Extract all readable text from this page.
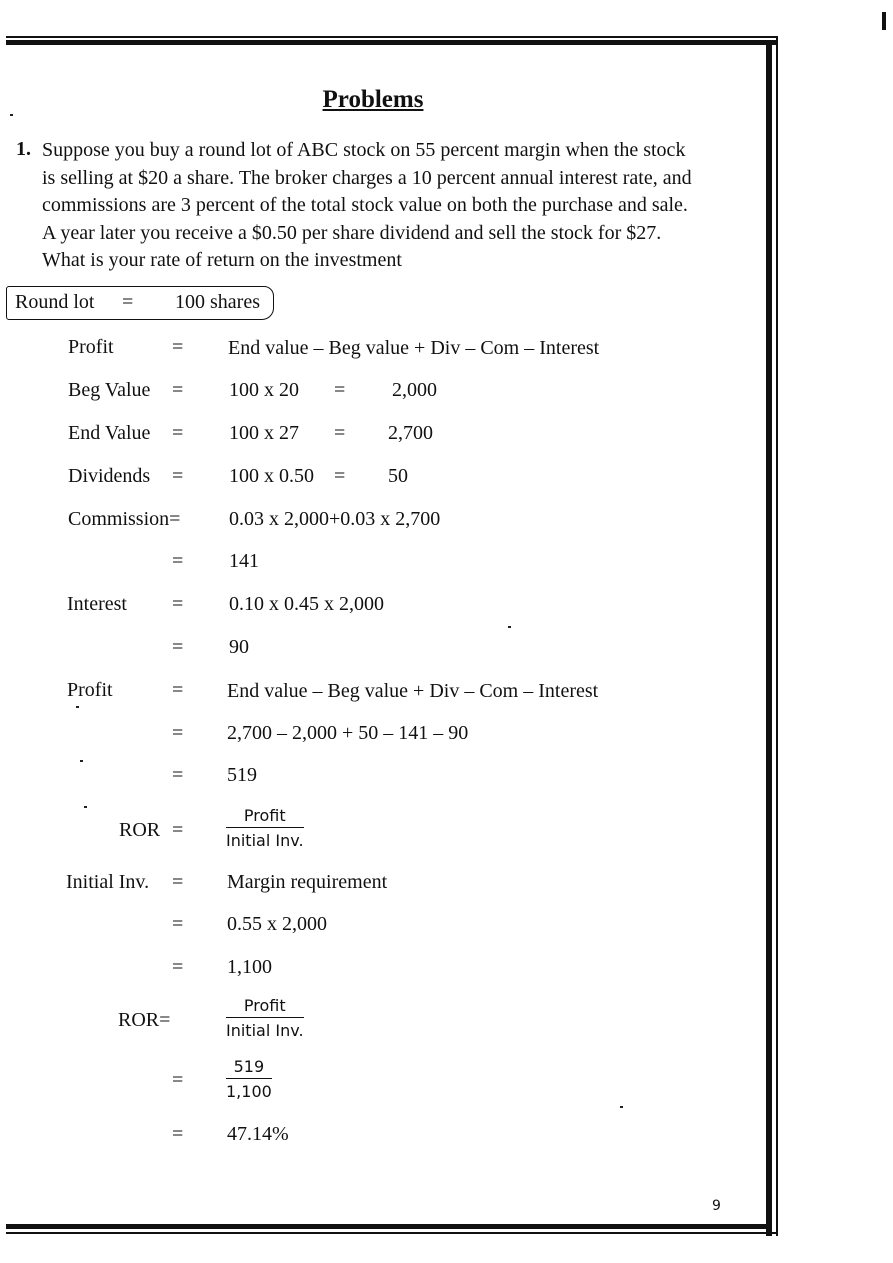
Problems
1. Suppose you buy a round lot of ABC stock on 55 percent margin when the stock
is selling at $20 a share. The broker charges a 10 percent annual interest rate, and
commissions are 3 percent of the total stock value on both the purchase and sale.
A year later you receive a $0.50 per share dividend and sell the stock for $27.
What is your rate of return on the investment
Round lot = 100 shares
Profit	= End value – Beg value + Div – Com – Interest
Beg Value = 100 x 20 = 2,000
End Value = 100 x 27 = 2,700
Dividends = 100 x 0.50 = 50
Commission= 0.03 x 2,000+0.03 x 2,700
= 141
Interest = 0.10 x 0.45 x 2,000
= 90
Profit	= End value – Beg value + Div – Com – Interest
= 2,700 – 2,000 + 50 – 141 – 90
= 519
ROR =
Profit
Initial Inv.
Initial Inv. = Margin requirement
= 0.55 x 2,000
= 1,100
ROR=
Profit
Initial Inv.
=	$\frac{519}{1,100}$
= 47.14%
9
